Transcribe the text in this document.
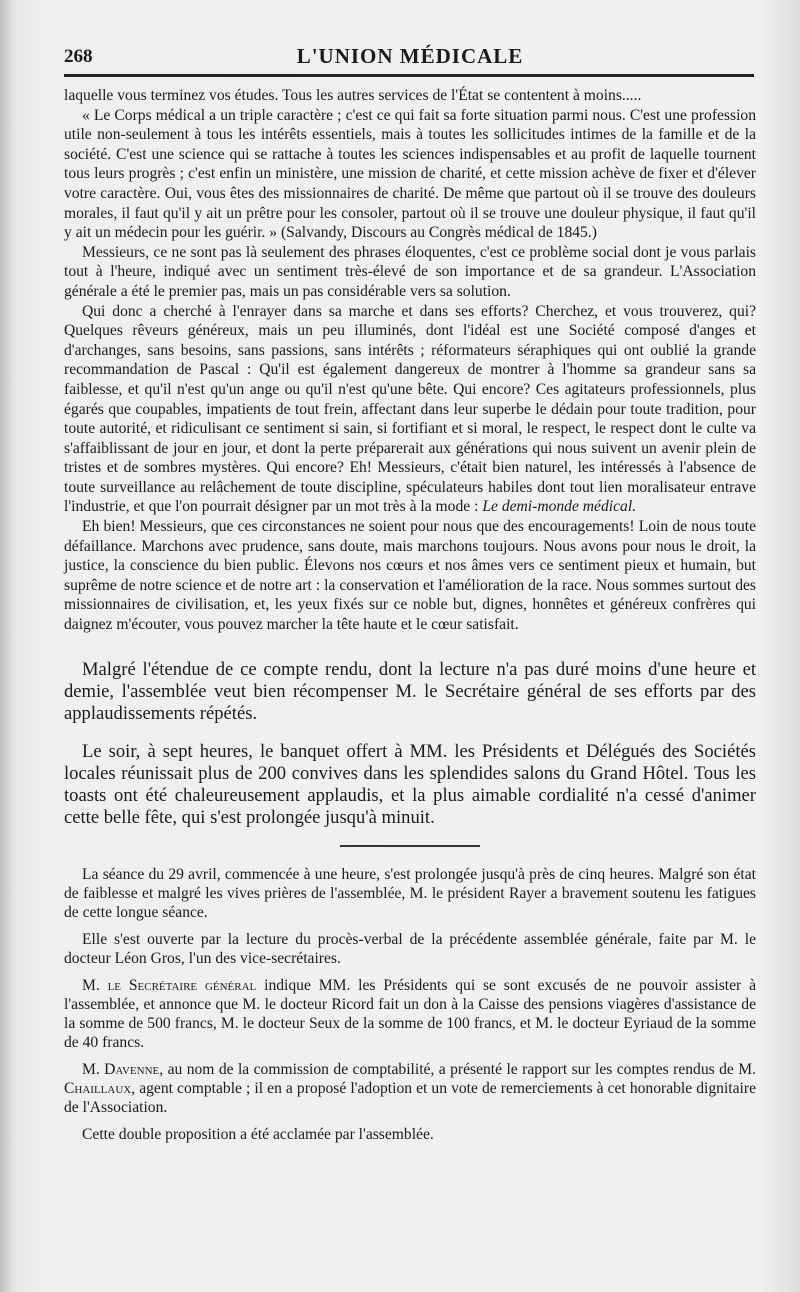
268	L'UNION MÉDICALE

laquelle vous terminez vos études. Tous les autres services de l'État se contentent à moins.....

« Le Corps médical a un triple caractère ; c'est ce qui fait sa forte situation parmi nous. C'est une profession utile non-seulement à tous les intérêts essentiels, mais à toutes les sollicitudes intimes de la famille et de la société. C'est une science qui se rattache à toutes les sciences indispensables et au profit de laquelle tournent tous leurs progrès ; c'est enfin un ministère, une mission de charité, et cette mission achève de fixer et d'élever votre caractère. Oui, vous êtes des missionnaires de charité. De même que partout où il se trouve des douleurs morales, il faut qu'il y ait un prêtre pour les consoler, partout où il se trouve une douleur physique, il faut qu'il y ait un médecin pour les guérir. » (Salvandy, Discours au Congrès médical de 1845.)

Messieurs, ce ne sont pas là seulement des phrases éloquentes, c'est ce problème social dont je vous parlais tout à l'heure, indiqué avec un sentiment très-élevé de son importance et de sa grandeur. L'Association générale a été le premier pas, mais un pas considérable vers sa solution.

Qui donc a cherché à l'enrayer dans sa marche et dans ses efforts? Cherchez, et vous trouverez, qui? Quelques rêveurs généreux, mais un peu illuminés, dont l'idéal est une Société composé d'anges et d'archanges, sans besoins, sans passions, sans intérêts ; réformateurs séraphiques qui ont oublié la grande recommandation de Pascal : Qu'il est également dangereux de montrer à l'homme sa grandeur sans sa faiblesse, et qu'il n'est qu'un ange ou qu'il n'est qu'une bête. Qui encore? Ces agitateurs professionnels, plus égarés que coupables, impatients de tout frein, affectant dans leur superbe le dédain pour toute tradition, pour toute autorité, et ridiculisant ce sentiment si sain, si fortifiant et si moral, le respect, le respect dont le culte va s'affaiblissant de jour en jour, et dont la perte préparerait aux générations qui nous suivent un avenir plein de tristes et de sombres mystères. Qui encore? Eh! Messieurs, c'était bien naturel, les intéressés à l'absence de toute surveillance au relâchement de toute discipline, spéculateurs habiles dont tout lien moralisateur entrave l'industrie, et que l'on pourrait désigner par un mot très à la mode : Le demi-monde médical.

Eh bien! Messieurs, que ces circonstances ne soient pour nous que des encouragements! Loin de nous toute défaillance. Marchons avec prudence, sans doute, mais marchons toujours. Nous avons pour nous le droit, la justice, la conscience du bien public. Élevons nos cœurs et nos âmes vers ce sentiment pieux et humain, but suprême de notre science et de notre art : la conservation et l'amélioration de la race. Nous sommes surtout des missionnaires de civilisation, et, les yeux fixés sur ce noble but, dignes, honnêtes et généreux confrères qui daignez m'écouter, vous pouvez marcher la tête haute et le cœur satisfait.

Malgré l'étendue de ce compte rendu, dont la lecture n'a pas duré moins d'une heure et demie, l'assemblée veut bien récompenser M. le Secrétaire général de ses efforts par des applaudissements répétés.

Le soir, à sept heures, le banquet offert à MM. les Présidents et Délégués des Sociétés locales réunissait plus de 200 convives dans les splendides salons du Grand Hôtel. Tous les toasts ont été chaleureusement applaudis, et la plus aimable cordialité n'a cessé d'animer cette belle fête, qui s'est prolongée jusqu'à minuit.

La séance du 29 avril, commencée à une heure, s'est prolongée jusqu'à près de cinq heures. Malgré son état de faiblesse et malgré les vives prières de l'assemblée, M. le président Rayer a bravement soutenu les fatigues de cette longue séance.

Elle s'est ouverte par la lecture du procès-verbal de la précédente assemblée générale, faite par M. le docteur Léon Gros, l'un des vice-secrétaires.

M. le Secrétaire général indique MM. les Présidents qui se sont excusés de ne pouvoir assister à l'assemblée, et annonce que M. le docteur Ricord fait un don à la Caisse des pensions viagères d'assistance de la somme de 500 francs, M. le docteur Seux de la somme de 100 francs, et M. le docteur Eyriaud de la somme de 40 francs.

M. Davenne, au nom de la commission de comptabilité, a présenté le rapport sur les comptes rendus de M. Chaillaux, agent comptable ; il en a proposé l'adoption et un vote de remerciements à cet honorable dignitaire de l'Association.

Cette double proposition a été acclamée par l'assemblée.
